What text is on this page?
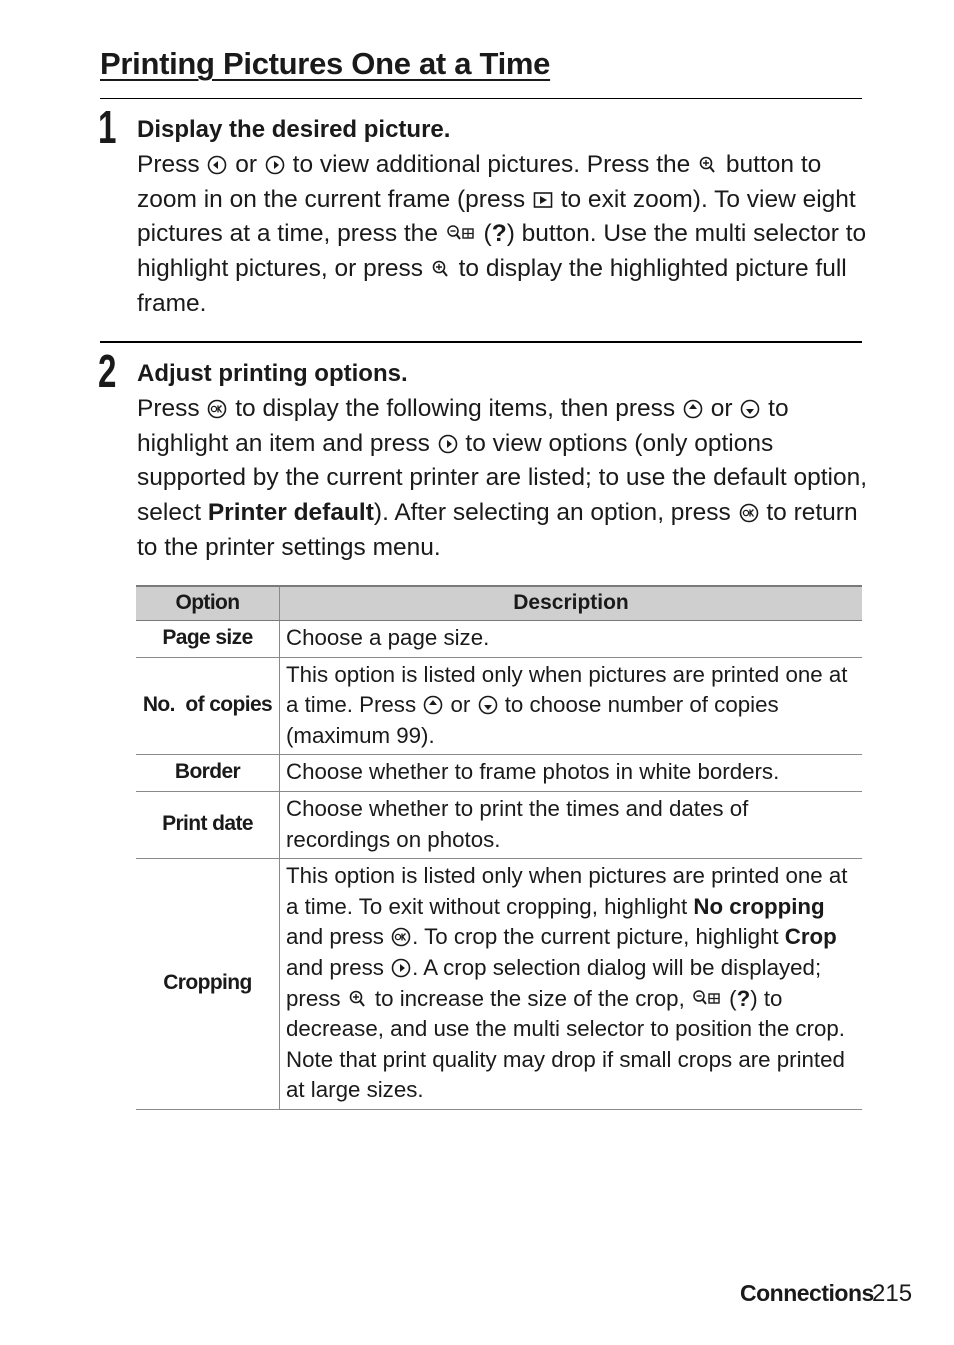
Printing Pictures One at a Time
1 Display the desired picture.

Press
or
to view additional pictures. Press the
button to zoom in on the current frame (press
to exit zoom). To view eight pictures at a time, press the
(?) button. Use the multi selector to highlight pictures, or press
to display the highlighted picture full frame.

2 Adjust printing options.

Press
to display the following items, then press
or
to highlight an item and press
to view options (only options supported by the current printer are listed; to use the default option, select Printer default). After selecting an option, press
to return to the printer settings menu.

Option	Description
Page size	Choose a page size.
No.  of copies	This option is listed only when pictures are printed one at a time. Press
or
to choose number of copies (maximum 99).
Border	Choose whether to frame photos in white borders.
Print date	Choose whether to print the times and dates of recordings on photos.
Cropping	This option is listed only when pictures are printed one at a time. To exit without cropping, highlight No cropping and press
. To crop the current picture, highlight Crop and press
. A crop selection dialog will be displayed; press
to increase the size of the crop,
(?) to decrease, and use the multi selector to position the crop. Note that print quality may drop if small crops are printed at large sizes.
Connections
215
